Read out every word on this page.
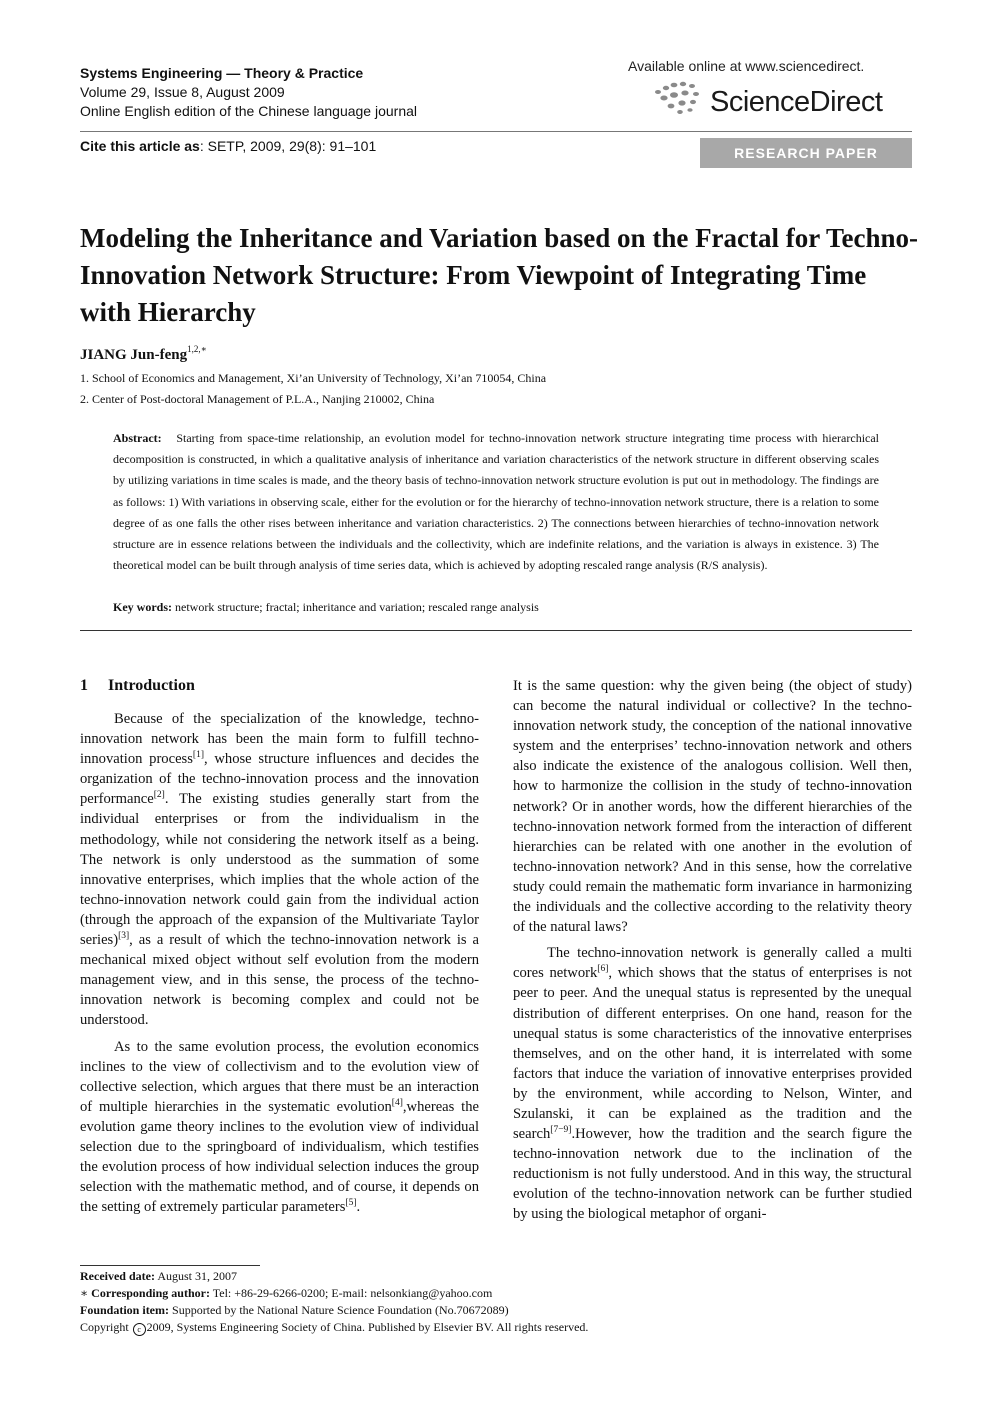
Systems Engineering — Theory & Practice
Volume 29, Issue 8, August 2009
Online English edition of the Chinese language journal
Cite this article as: SETP, 2009, 29(8): 91–101
Available online at www.sciencedirect.
ScienceDirect
RESEARCH PAPER
Modeling the Inheritance and Variation based on the Fractal for Techno-Innovation Network Structure: From Viewpoint of Integrating Time with Hierarchy
JIANG Jun-feng$^{1,2,∗}$
1. School of Economics and Management, Xi’an University of Technology, Xi’an 710054, China
2. Center of Post-doctoral Management of P.L.A., Nanjing 210002, China

Abstract: Starting from space-time relationship, an evolution model for techno-innovation network structure integrating time process with hierarchical decomposition is constructed, in which a qualitative analysis of inheritance and variation characteristics of the network structure in different observing scales by utilizing variations in time scales is made, and the theory basis of techno-innovation network structure evolution is put out in methodology. The findings are as follows: 1) With variations in observing scale, either for the evolution or for the hierarchy of techno-innovation network structure, there is a relation to some degree of as one falls the other rises between inheritance and variation characteristics. 2) The connections between hierarchies of techno-innovation network structure are in essence relations between the individuals and the collectivity, which are indefinite relations, and the variation is always in existence. 3) The theoretical model can be built through analysis of time series data, which is achieved by adopting rescaled range analysis (R/S analysis).

Key words: network structure; fractal; inheritance and variation; rescaled range analysis
1 Introduction

Because of the specialization of the knowledge, techno-innovation network has been the main form to fulfill techno-innovation process[1], whose structure influences and decides the organization of the techno-innovation process and the innovation performance[2]. The existing studies generally start from the individual enterprises or from the individualism in the methodology, while not considering the network itself as a being. The network is only understood as the summation of some innovative enterprises, which implies that the whole action of the techno-innovation network could gain from the individual action (through the approach of the expansion of the Multivariate Taylor series)[3], as a result of which the techno-innovation network is a mechanical mixed object without self evolution from the modern management view, and in this sense, the process of the techno-innovation network is becoming complex and could not be understood.

As to the same evolution process, the evolution economics inclines to the view of collectivism and to the evolution view of collective selection, which argues that there must be an interaction of multiple hierarchies in the systematic evolution[4],whereas the evolution game theory inclines to the evolution view of individual selection due to the springboard of individualism, which testifies the evolution process of how individual selection induces the group selection with the mathematic method, and of course, it depends on the setting of extremely particular parameters[5].

It is the same question: why the given being (the object of study) can become the natural individual or collective? In the techno-innovation network study, the conception of the national innovative system and the enterprises’ techno-innovation network and others also indicate the existence of the analogous collision. Well then, how to harmonize the collision in the study of techno-innovation network? Or in another words, how the different hierarchies of the techno-innovation network formed from the interaction of different hierarchies can be related with one another in the evolution of techno-innovation network? And in this sense, how the correlative study could remain the mathematic form invariance in harmonizing the individuals and the collective according to the relativity theory of the natural laws?

The techno-innovation network is generally called a multi cores network[6], which shows that the status of enterprises is not peer to peer. And the unequal status is represented by the unequal distribution of different enterprises. On one hand, reason for the unequal status is some characteristics of the innovative enterprises themselves, and on the other hand, it is interrelated with some factors that induce the variation of innovative enterprises provided by the environment, while according to Nelson, Winter, and Szulanski, it can be explained as the tradition and the search[7−9].However, how the tradition and the search figure the techno-innovation network due to the inclination of the reductionism is not fully understood. And in this way, the structural evolution of the techno-innovation network can be further studied by using the biological metaphor of organi-

Received date: August 31, 2007
∗ Corresponding author: Tel: +86-29-6266-0200; E-mail: nelsonkiang@yahoo.com
Foundation item: Supported by the National Nature Science Foundation (No.70672089)
Copyright c 2009, Systems Engineering Society of China. Published by Elsevier BV. All rights reserved.
